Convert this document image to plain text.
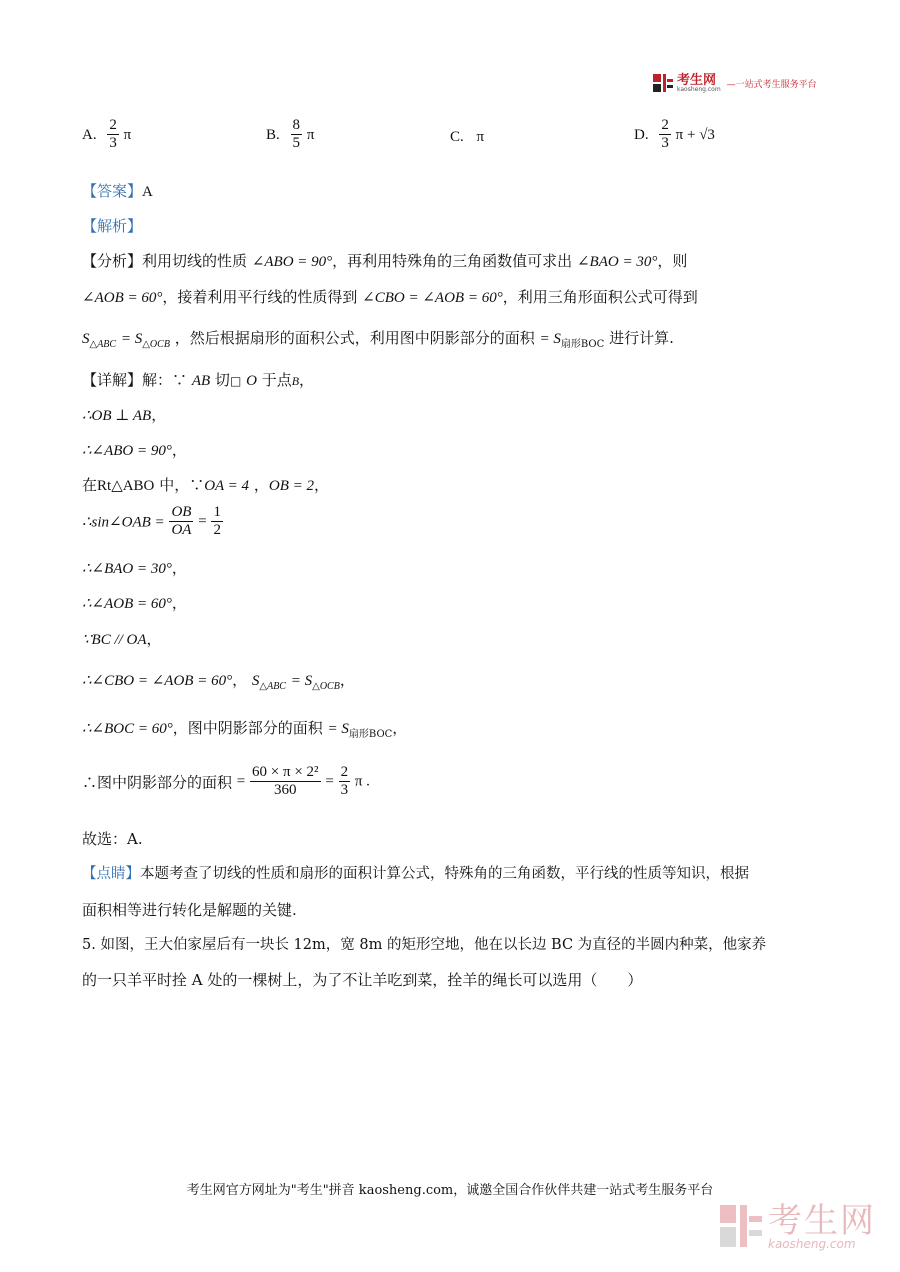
考生网
kaosheng.com —一站式考生服务平台
A. $\frac{2}{3}$ π	B. $\frac{8}{5}$ π	C. π	D. $\frac{2}{3}$ π + √3
【答案】A
【解析】
【分析】利用切线的性质 ∠ABO = 90°，再利用特殊角的三角函数值可求出 ∠BAO = 30°，则
∠AOB = 60°，接着利用平行线的性质得到 ∠CBO = ∠AOB = 60°，利用三角形面积公式可得到
$S_{\triangle ABC} = S_{\triangle OCB}$ ，然后根据扇形的面积公式，利用图中阴影部分的面积 = $S_{扇形BOC}$ 进行计算.
【详解】解：∵ AB 切□ O 于点B，
∴OB ⊥ AB，
∴∠ABO = 90°，
在Rt△ABO 中，∵OA = 4 ，OB = 2，
∴sin∠OAB = $\frac{OB}{OA} = \frac{1}{2}$
∴∠BAO = 30°，
∴∠AOB = 60°，
∵BC // OA，
∴∠CBO = ∠AOB = 60°， $S_{\triangle ABC} = S_{\triangle OCB}$，
∴∠BOC = 60°，图中阴影部分的面积 = $S_{扇形BOC}$，
∴图中阴影部分的面积 = $\frac{\text{60 × π × 2²}}{360} = \frac{2}{3}$ π .
故选：A.
【点睛】本题考查了切线的性质和扇形的面积计算公式，特殊角的三角函数，平行线的性质等知识，根据
面积相等进行转化是解题的关键.
5. 如图，王大伯家屋后有一块长 12m，宽 8m 的矩形空地，他在以长边 BC 为直径的半圆内种菜，他家养
的一只羊平时拴 A 处的一棵树上，为了不让羊吃到菜，拴羊的绳长可以选用（　　）
考生网官方网址为"考生"拼音 kaosheng.com，诚邀全国合作伙伴共建一站式考生服务平台
考生网
kaosheng.com
